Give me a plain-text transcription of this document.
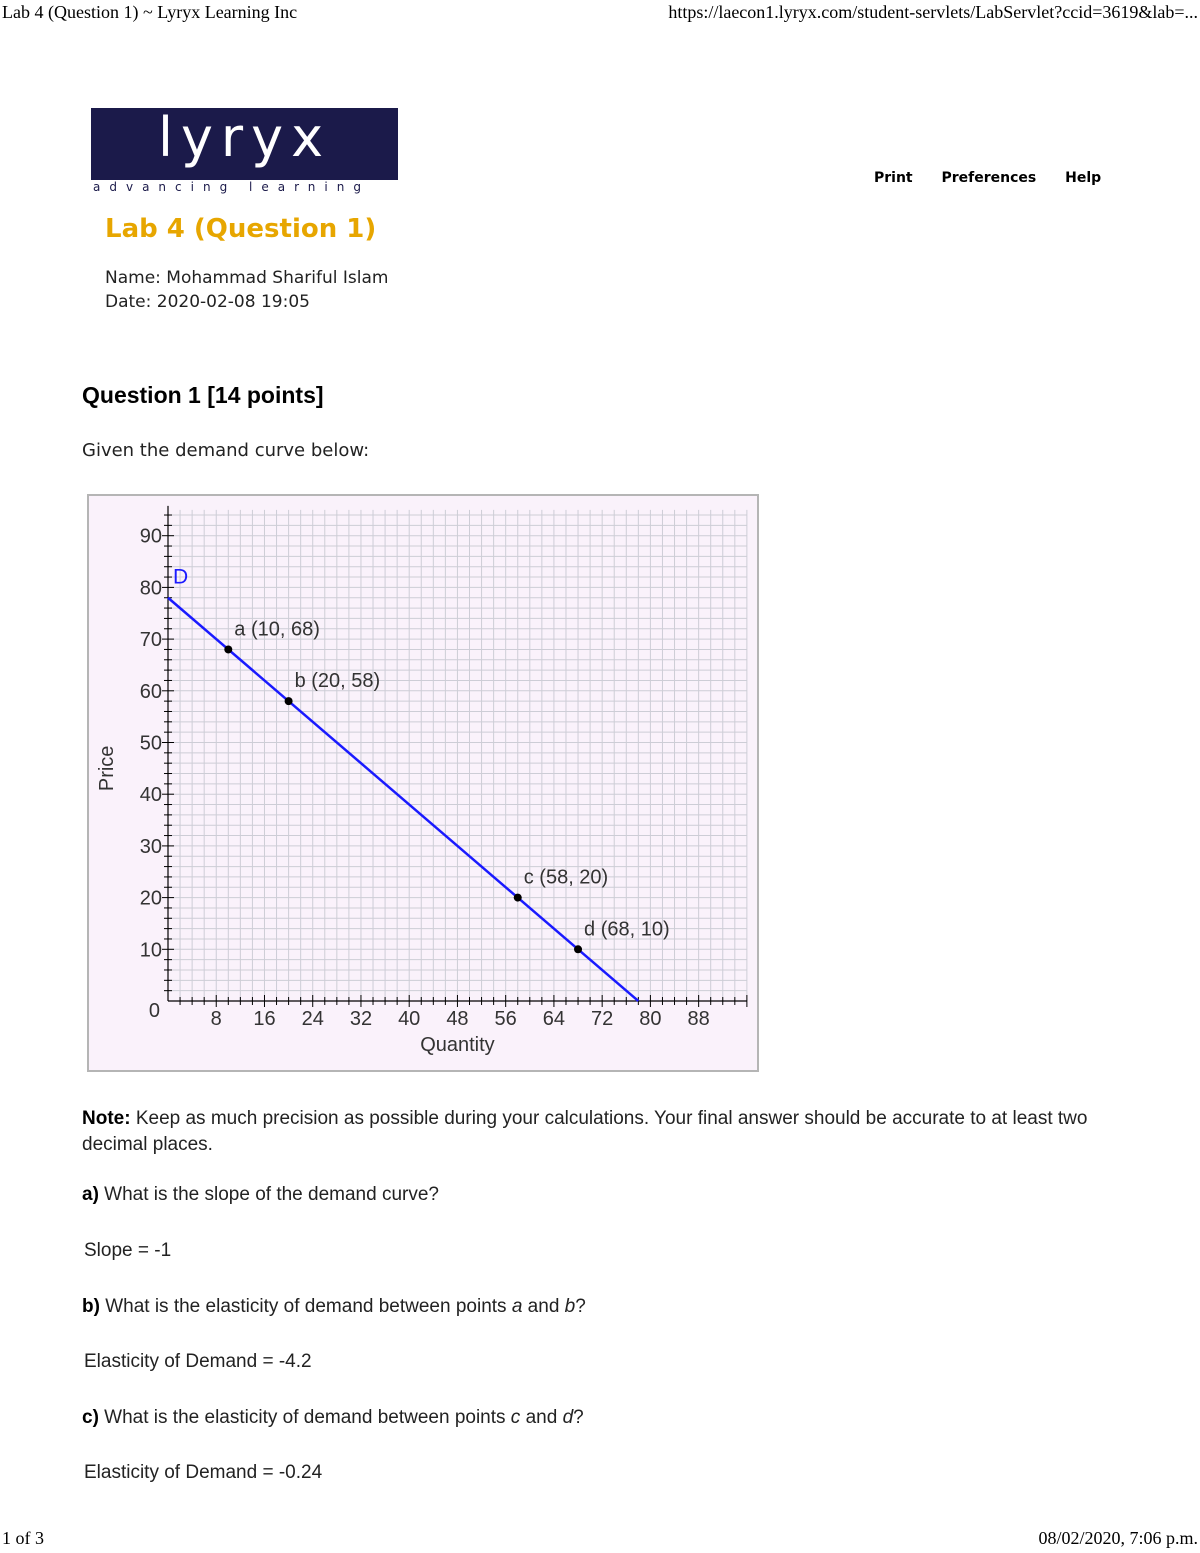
Lab 4 (Question 1) ~ Lyryx Learning Inc	https://laecon1.lyryx.com/student-servlets/LabServlet?ccid=3619&lab=...
lyryx
advancing learning
Print Preferences Help
Lab 4 (Question 1)
Name: Mohammad Shariful Islam
Date: 2020-02-08 19:05
Question 1 [14 points]
Given the demand curve below:
8 16 24 32 40 48 56 64 72 80 88
10
20
30
40
50
60
70
80
90
0
Quantity
Price
D
a (10, 68)
b (20, 58)
c (58, 20)
d (68, 10)
Note: Keep as much precision as possible during your calculations. Your final answer should be accurate to at least two decimal places.
a) What is the slope of the demand curve?
Slope = -1
b) What is the elasticity of demand between points a and b?
Elasticity of Demand = -4.2
c) What is the elasticity of demand between points c and d?
Elasticity of Demand = -0.24
1 of 3	08/02/2020, 7:06 p.m.
